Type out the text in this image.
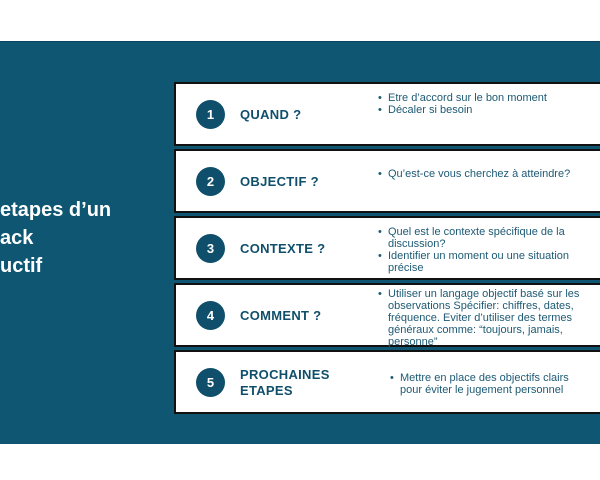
etapes d’un
ack
uctif
1	QUAND ?
• Etre d’accord sur le bon moment
• Décaler si besoin
2	OBJECTIF ?
•	Qu’est-ce vous cherchez à atteindre?
3	CONTEXTE ?
• Quel est le contexte spécifique de la
discussion?
• Identifier un moment ou une situation
précise
4	COMMENT ?
• Utiliser un langage objectif basé sur les
observations Spécifier: chiffres, dates,
fréquence. Eviter d’utiliser des termes
généraux comme: “toujours, jamais,
personne”
5
PROCHAINES
ETAPES
• Mettre en place des objectifs clairs
pour éviter le jugement personnel
